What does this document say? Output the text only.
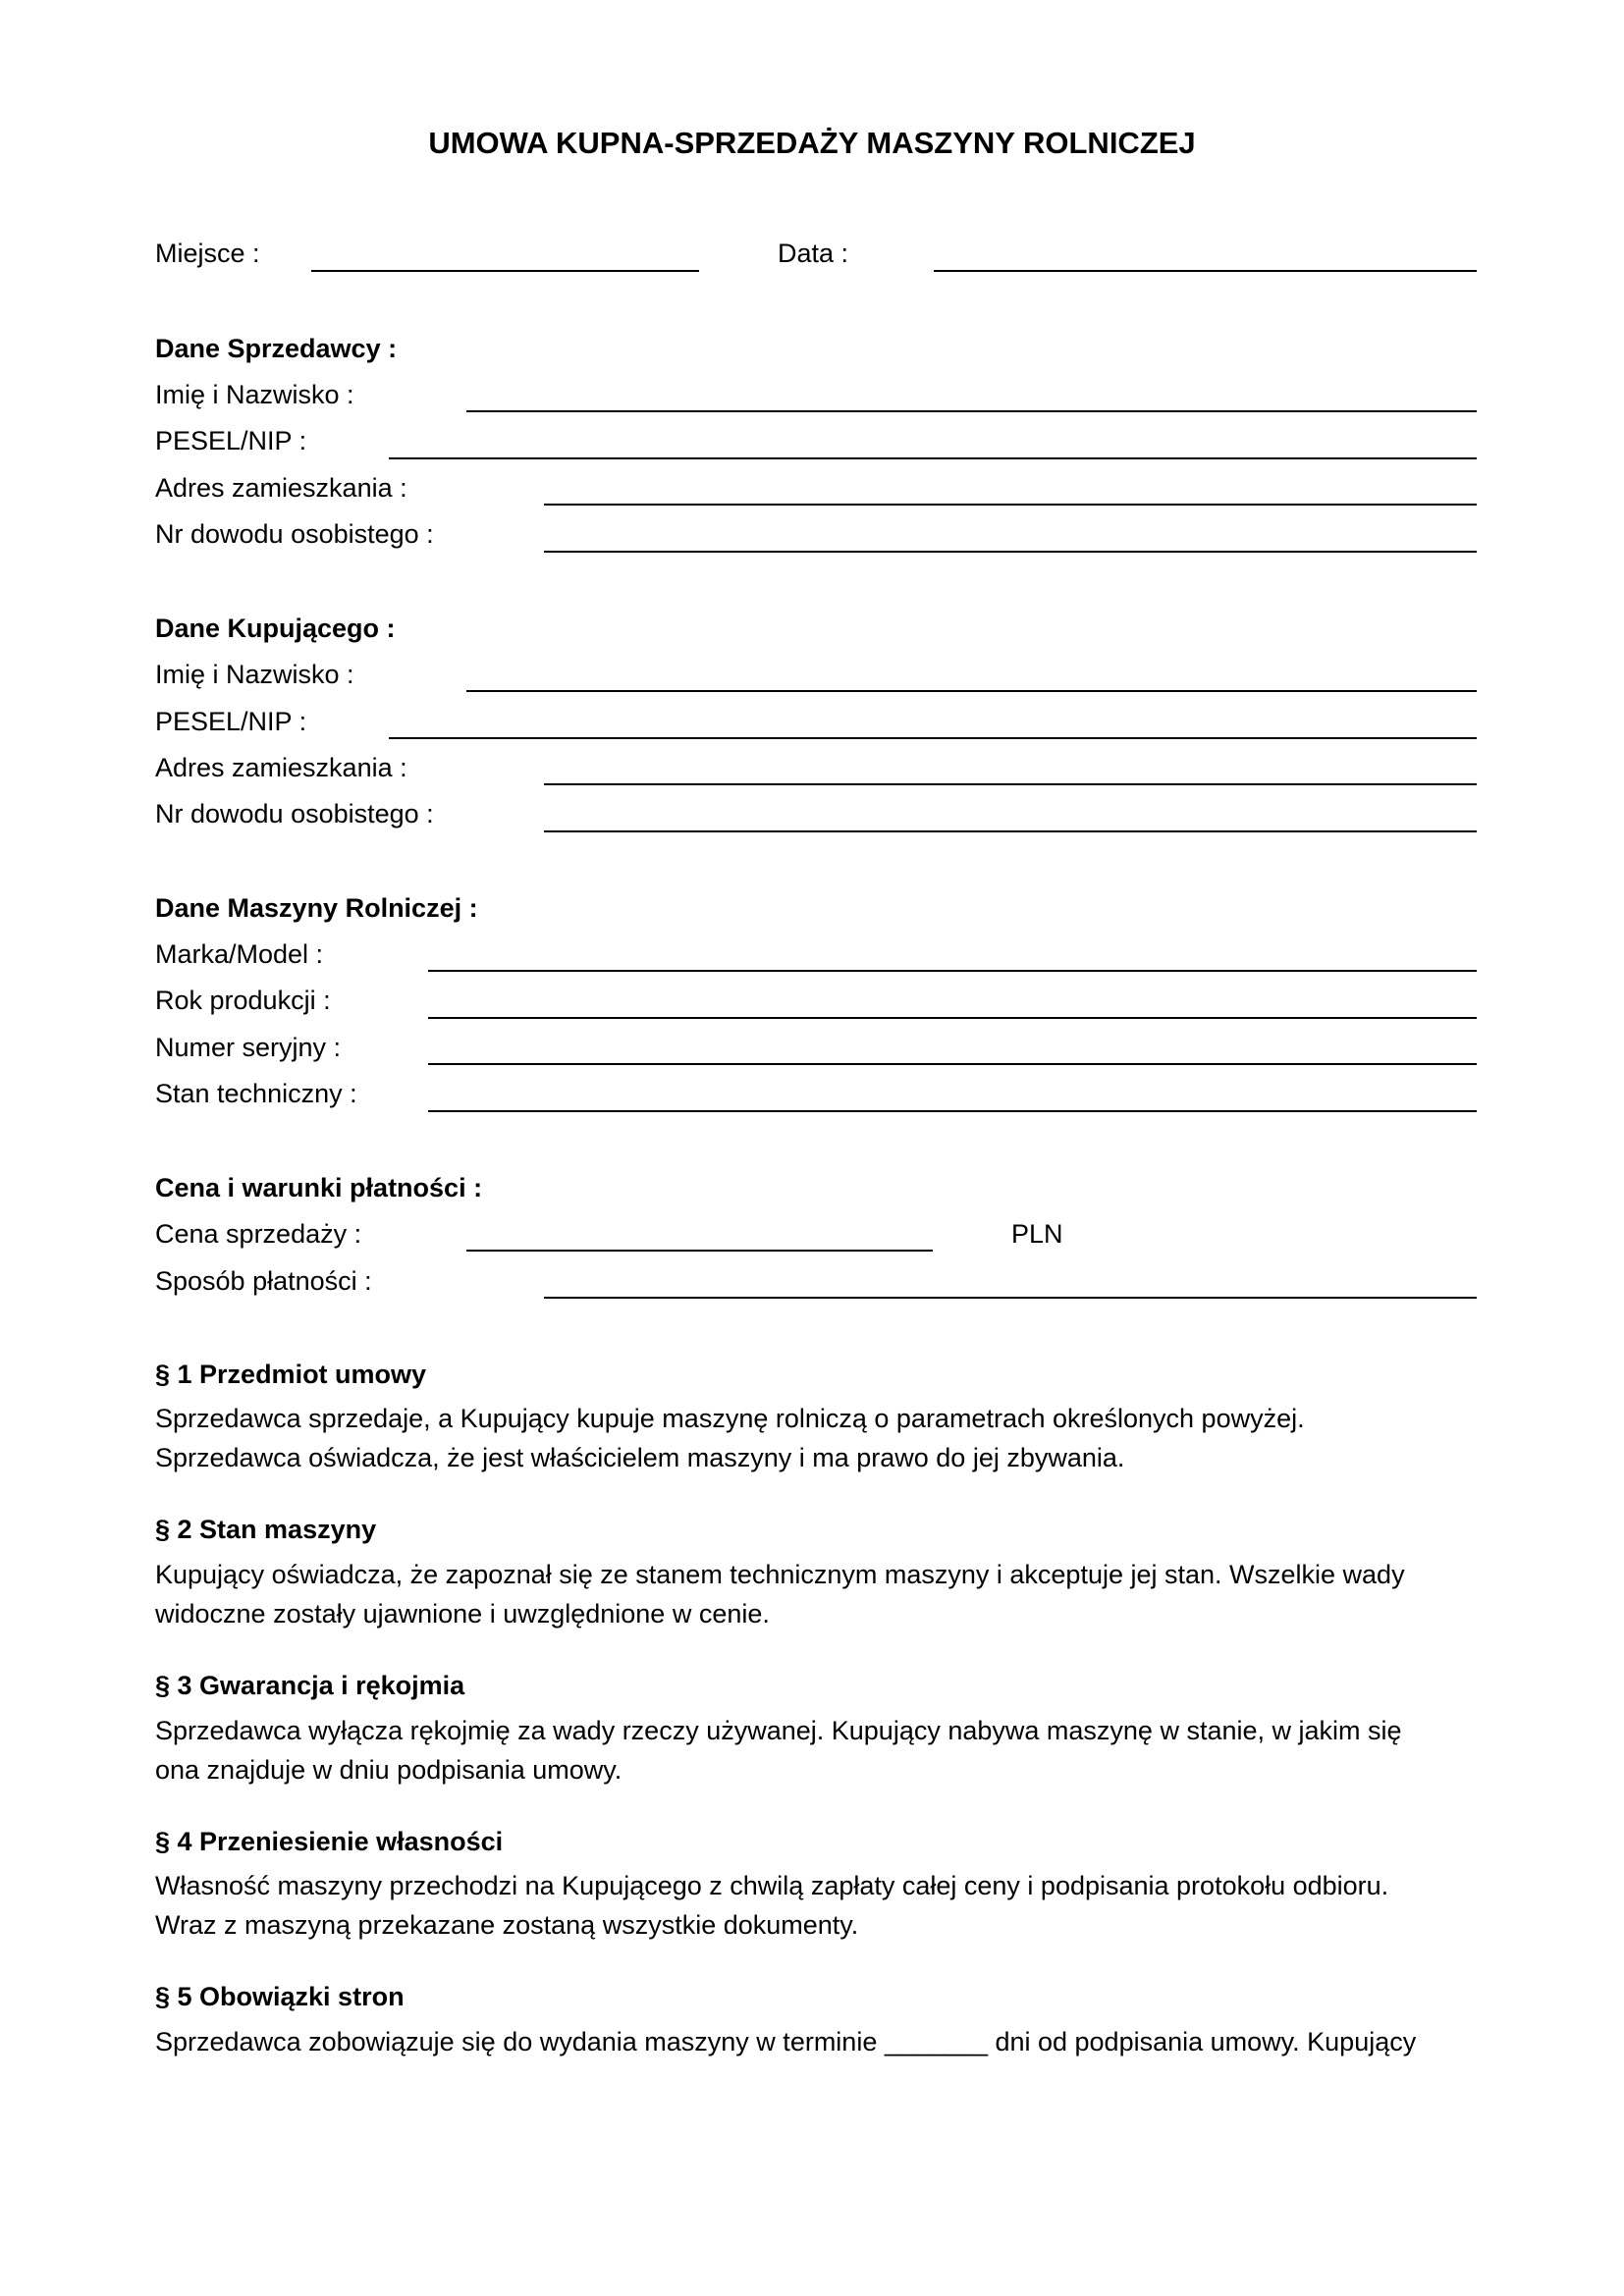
UMOWA KUPNA-SPRZEDAŻY MASZYNY ROLNICZEJ
Miejsce :	Data :
Dane Sprzedawcy :
Imię i Nazwisko :
PESEL/NIP :
Adres zamieszkania :
Nr dowodu osobistego :
Dane Kupującego :
Imię i Nazwisko :
PESEL/NIP :
Adres zamieszkania :
Nr dowodu osobistego :
Dane Maszyny Rolniczej :
Marka/Model :
Rok produkcji :
Numer seryjny :
Stan techniczny :
Cena i warunki płatności :
Cena sprzedaży :	PLN
Sposób płatności :
§ 1 Przedmiot umowy

Sprzedawca sprzedaje, a Kupujący kupuje maszynę rolniczą o parametrach określonych powyżej.

Sprzedawca oświadcza, że jest właścicielem maszyny i ma prawo do jej zbywania.

§ 2 Stan maszyny

Kupujący oświadcza, że zapoznał się ze stanem technicznym maszyny i akceptuje jej stan. Wszelkie wady

widoczne zostały ujawnione i uwzględnione w cenie.

§ 3 Gwarancja i rękojmia

Sprzedawca wyłącza rękojmię za wady rzeczy używanej. Kupujący nabywa maszynę w stanie, w jakim się

ona znajduje w dniu podpisania umowy.

§ 4 Przeniesienie własności

Własność maszyny przechodzi na Kupującego z chwilą zapłaty całej ceny i podpisania protokołu odbioru.

Wraz z maszyną przekazane zostaną wszystkie dokumenty.

§ 5 Obowiązki stron

Sprzedawca zobowiązuje się do wydania maszyny w terminie _______ dni od podpisania umowy. Kupujący
